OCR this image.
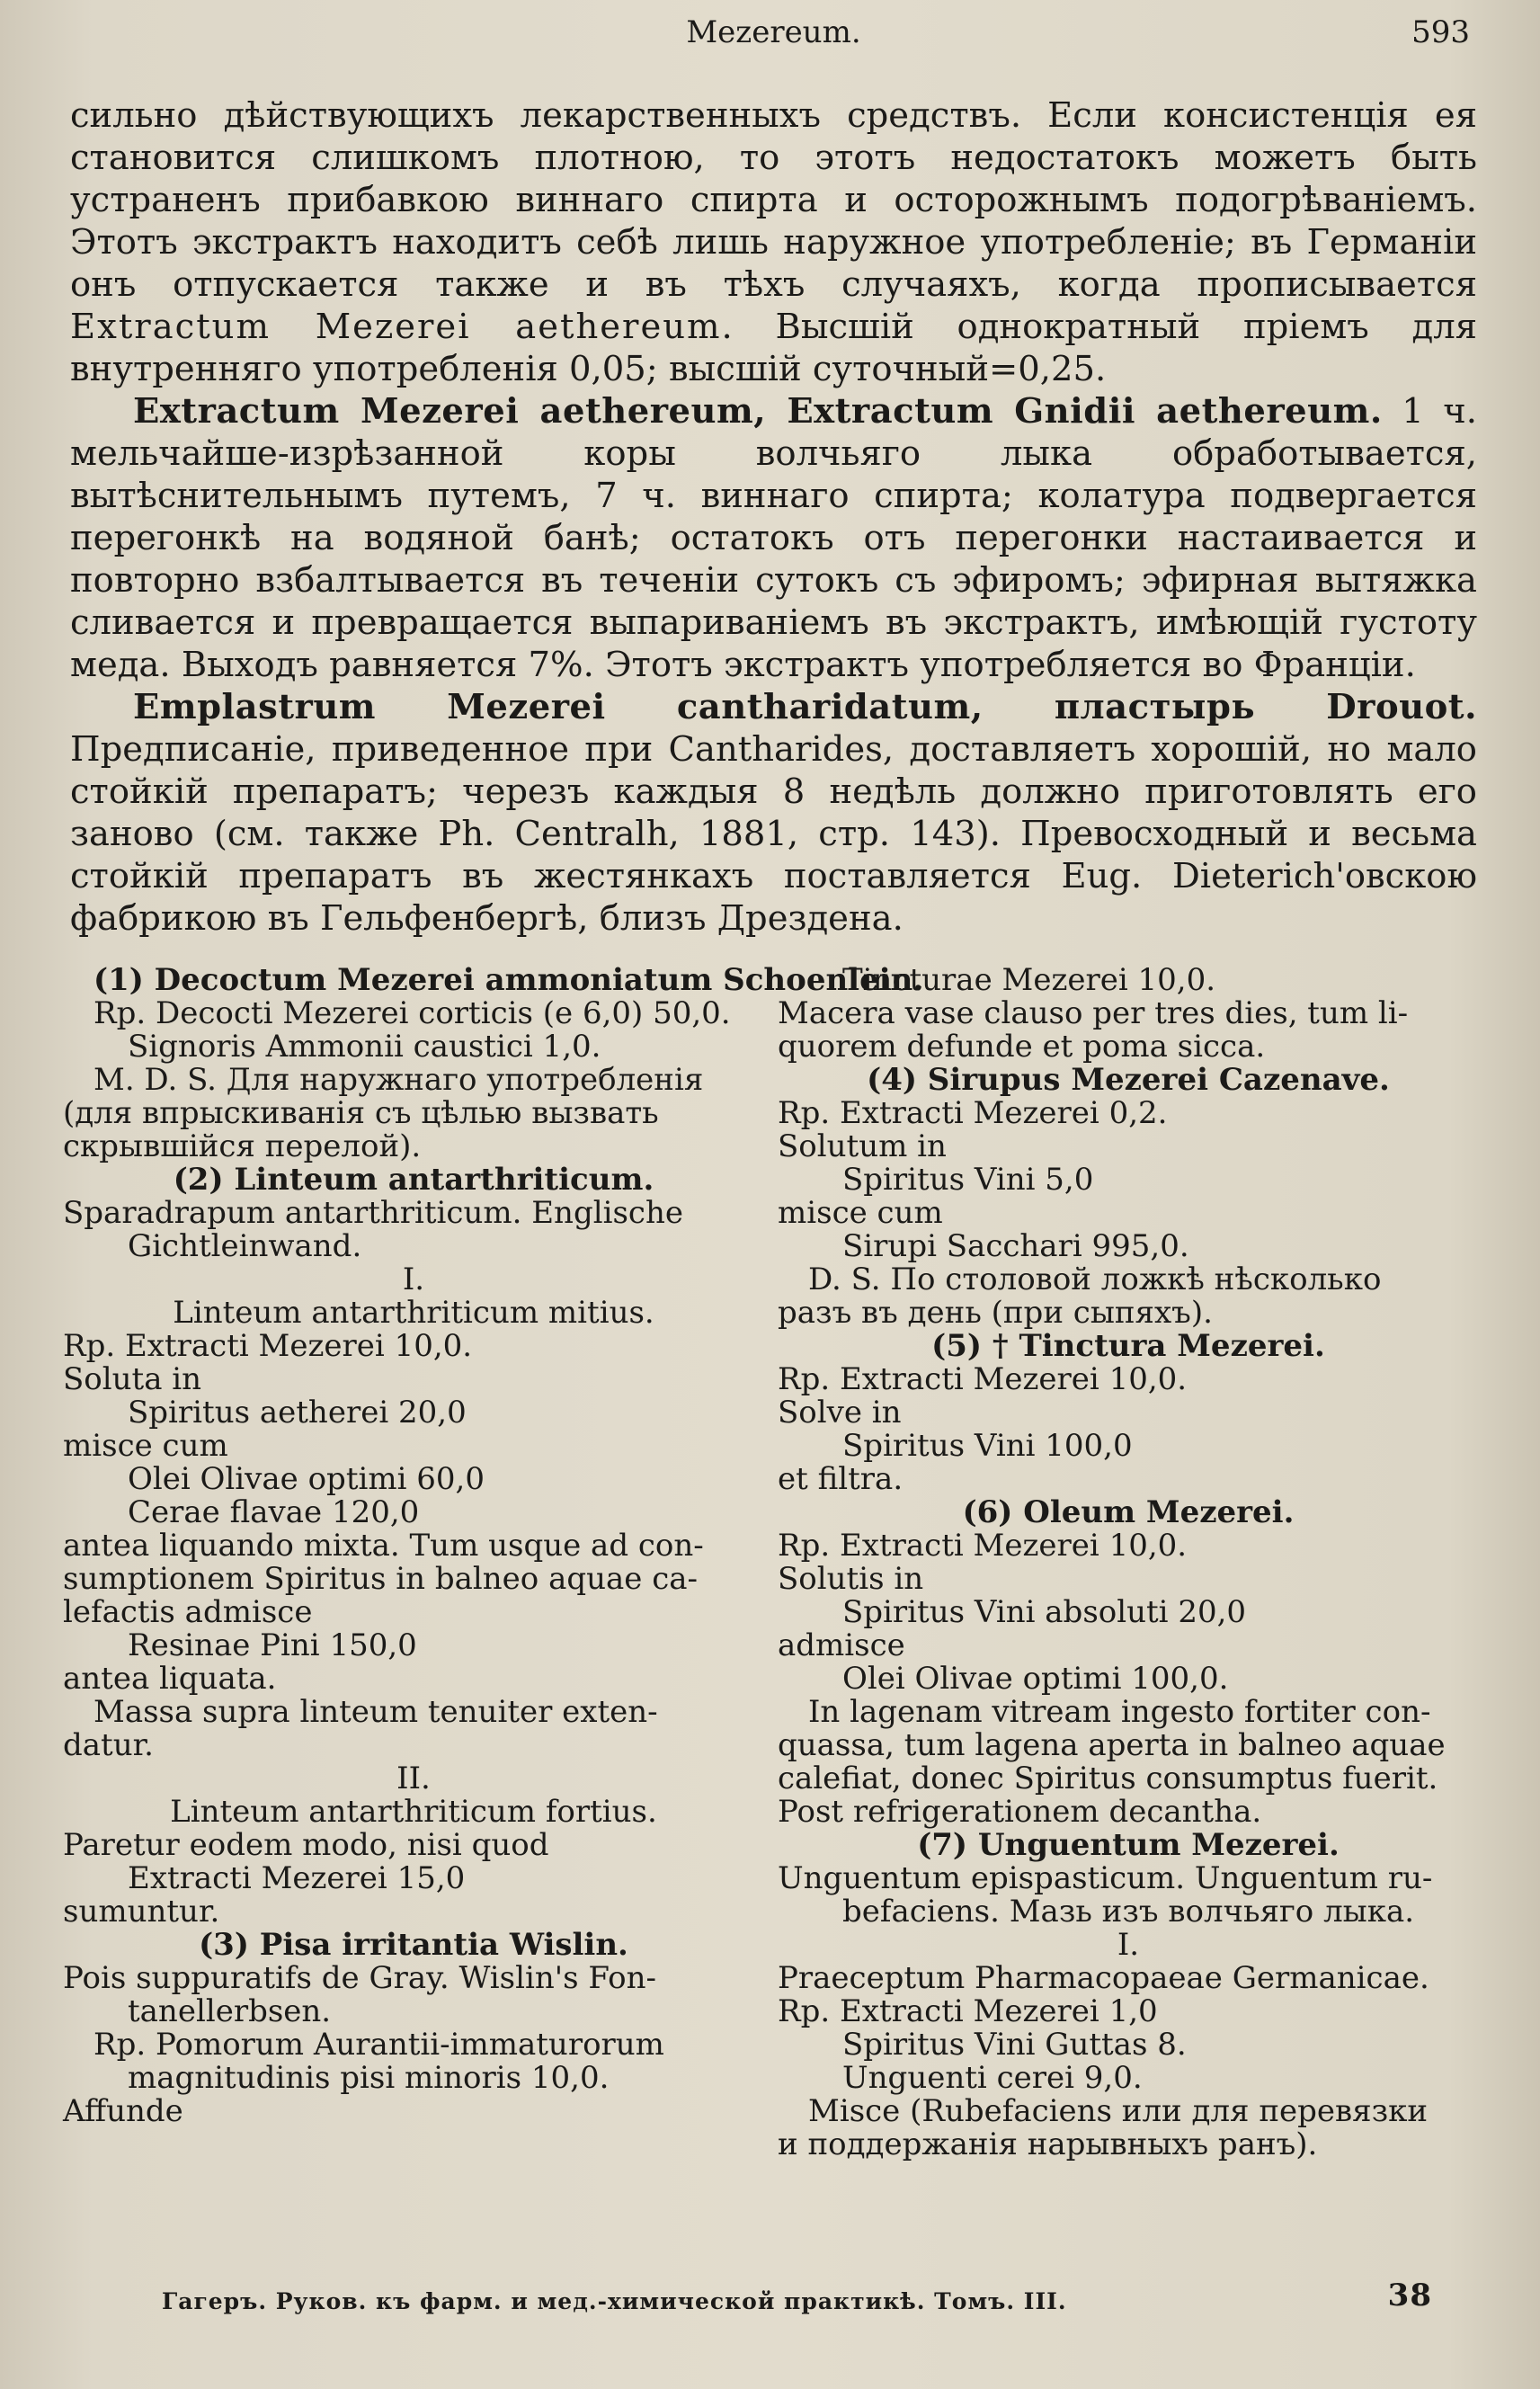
Mezereum.	593

сильно дѣйствующихъ лекарственныхъ средствъ. Если консистенція ея становится слишкомъ плотною, то этотъ недостатокъ можетъ быть устраненъ прибавкою виннаго спирта и осторожнымъ подогрѣваніемъ. Этотъ экстрактъ находитъ себѣ лишь наружное употребленіе; въ Германіи онъ отпускается также и въ тѣхъ случаяхъ, когда прописывается Extractum Mezerei aethereum. Высшій однократный пріемъ для внутренняго употребленія 0,05; высшій суточный=0,25.

Extractum Mezerei aethereum, Extractum Gnidii aethereum. 1 ч. мельчайше-изрѣзанной коры волчьяго лыка обработывается, вытѣснительнымъ путемъ, 7 ч. виннаго спирта; колатура подвергается перегонкѣ на водяной банѣ; остатокъ отъ перегонки настаивается и повторно взбалтывается въ теченіи сутокъ съ эфиромъ; эфирная вытяжка сливается и превращается выпариваніемъ въ экстрактъ, имѣющій густоту меда. Выходъ равняется 7%. Этотъ экстрактъ употребляется во Франціи.

Emplastrum Mezerei cantharidatum, пластырь Drouot. Предписаніе, приведенное при Cantharides, доставляетъ хорошій, но мало стойкій препаратъ; черезъ каждыя 8 недѣль должно приготовлять его заново (см. также Ph. Centralh, 1881, стр. 143). Превосходный и весьма стойкій препаратъ въ жестянкахъ поставляется Eug. Dieterich'овскою фабрикою въ Гельфенбергѣ, близъ Дрездена.

(1) Decoctum Mezerei ammoniatum Schoenlein.
Rp. Decocti Mezerei corticis (e 6,0) 50,0.
Signoris Ammonii caustici 1,0.
M. D. S. Для наружнаго употребленія
(для впрыскиванія съ цѣлью вызвать
скрывшійся перелой).
(2) Linteum antarthriticum.
Sparadrapum antarthriticum. Englische
Gichtleinwand.
I.
Linteum antarthriticum mitius.
Rp. Extracti Mezerei 10,0.
Soluta in
Spiritus aetherei 20,0
misce cum
Olei Olivae optimi 60,0
Cerae flavae 120,0
antea liquando mixta. Tum usque ad con-
sumptionem Spiritus in balneo aquae ca-
lefactis admisce
Resinae Pini 150,0
antea liquata.
Massa supra linteum tenuiter exten-
datur.
II.
Linteum antarthriticum fortius.
Paretur eodem modo, nisi quod
Extracti Mezerei 15,0
sumuntur.
(3) Pisa irritantia Wislin.
Pois suppuratifs de Gray. Wislin's Fon-
tanellerbsen.
Rp. Pomorum Aurantii-immaturorum
magnitudinis pisi minoris 10,0.
Affunde
Tincturae Mezerei 10,0.
Macera vase clauso per tres dies, tum li-
quorem defunde et poma sicca.
(4) Sirupus Mezerei Cazenave.
Rp. Extracti Mezerei 0,2.
Solutum in
Spiritus Vini 5,0
misce cum
Sirupi Sacchari 995,0.
D. S. По столовой ложкѣ нѣсколько
разъ въ день (при сыпяхъ).
(5) † Tinctura Mezerei.
Rp. Extracti Mezerei 10,0.
Solve in
Spiritus Vini 100,0
et filtra.
(6) Oleum Mezerei.
Rp. Extracti Mezerei 10,0.
Solutis in
Spiritus Vini absoluti 20,0
admisce
Olei Olivae optimi 100,0.
In lagenam vitream ingesto fortiter con-
quassa, tum lagena aperta in balneo aquae
calefiat, donec Spiritus consumptus fuerit.
Post refrigerationem decantha.
(7) Unguentum Mezerei.
Unguentum epispasticum. Unguentum ru-
befaciens. Мазь изъ волчьяго лыка.
I.
Praeceptum Pharmacopaeae Germanicae.
Rp. Extracti Mezerei 1,0
Spiritus Vini Guttas 8.
Unguenti cerei 9,0.
Misce (Rubefaciens или для перевязки
и поддержанія нарывныхъ ранъ).
Гагеръ. Руков. къ фарм. и мед.-химической практикѣ. Томъ. III.	38
